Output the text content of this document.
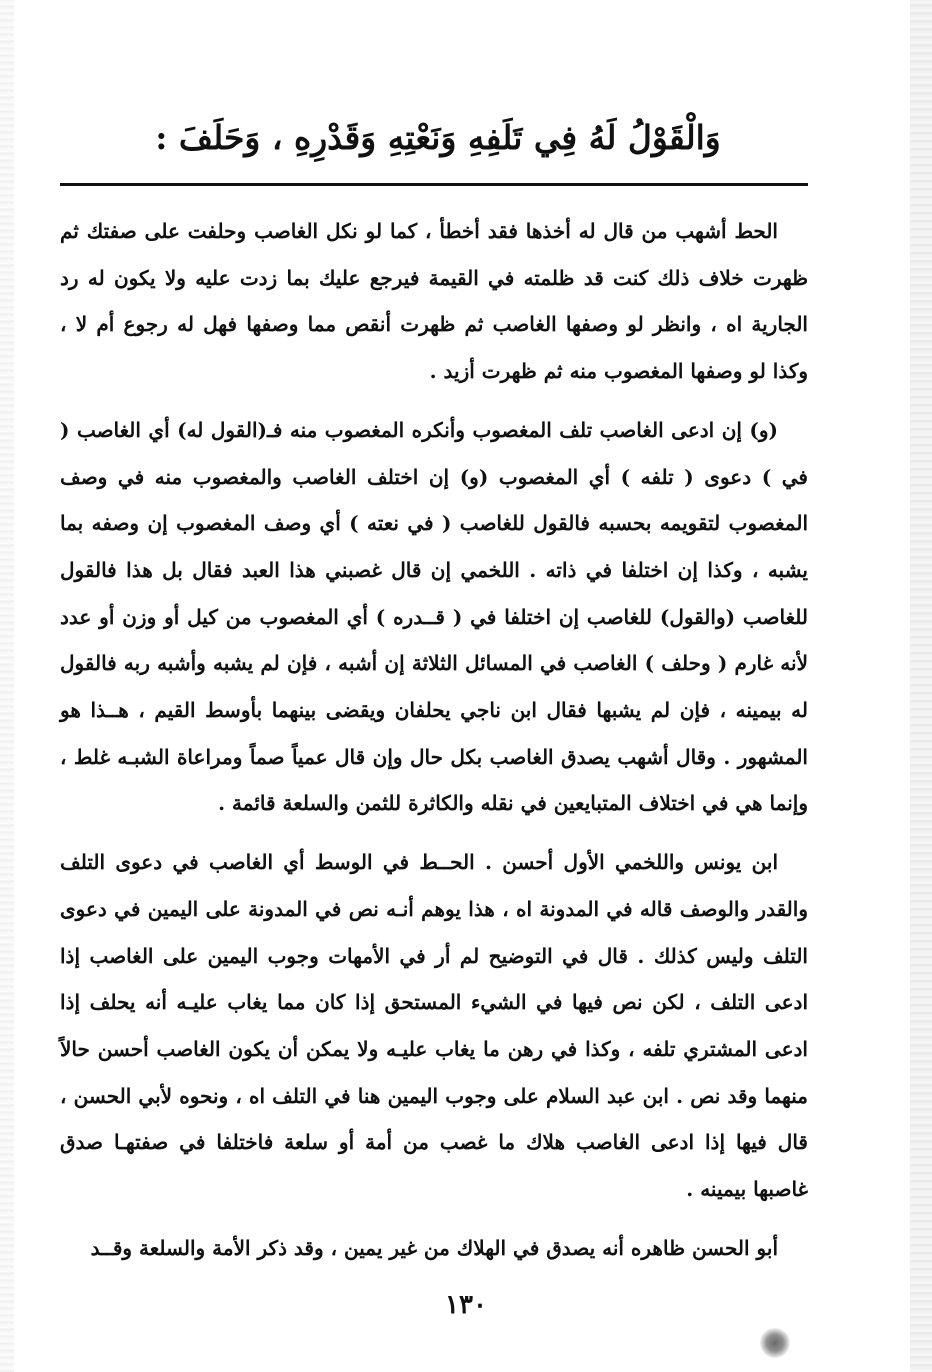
وَالْقَوْلُ لَهُ فِي تَلَفِهِ وَنَعْتِهِ وَقَدْرِهِ ، وَحَلَفَ :

الحط أشهب من قال له أخذها فقد أخطأ ، كما لو نكل الغاصب وحلفت على صفتك ثم ظهرت خلاف ذلك كنت قد ظلمته في القيمة فيرجع عليك بما زدت عليه ولا يكون له رد الجارية اه ، وانظر لو وصفها الغاصب ثم ظهرت أنقص مما وصفها فهل له رجوع أم لا ، وكذا لو وصفها المغصوب منه ثم ظهرت أزيد .

(و) إن ادعى الغاصب تلف المغصوب وأنكره المغصوب منه فـ(القول له) أي الغاصب ( في ) دعوى ( تلفه ) أي المغصوب (و) إن اختلف الغاصب والمغصوب منه في وصف المغصوب لتقويمه بحسبه فالقول للغاصب ( في نعته ) أي وصف المغصوب إن وصفه بما يشبه ، وكذا إن اختلفا في ذاته . اللخمي إن قال غصبني هذا العبد فقال بل هذا فالقول للغاصب (والقول) للغاصب إن اختلفا في ( قــدره ) أي المغصوب من كيل أو وزن أو عدد لأنه غارم ( وحلف ) الغاصب في المسائل الثلاثة إن أشبه ، فإن لم يشبه وأشبه ربه فالقول له بيمينه ، فإن لم يشبها فقال ابن ناجي يحلفان ويقضى بينهما بأوسط القيم ، هــذا هو المشهور . وقال أشهب يصدق الغاصب بكل حال وإن قال عمياً صماً ومراعاة الشبـه غلط ، وإنما هي في اختلاف المتبايعين في نقله والكاثرة للثمن والسلعة قائمة .

ابن يونس واللخمي الأول أحسن . الحــط في الوسط أي الغاصب في دعوى التلف والقدر والوصف قاله في المدونة اه ، هذا يوهم أنـه نص في المدونة على اليمين في دعوى التلف وليس كذلك . قال في التوضيح لم أر في الأمهات وجوب اليمين على الغاصب إذا ادعى التلف ، لكن نص فيها في الشيء المستحق إذا كان مما يغاب عليـه أنه يحلف إذا ادعى المشتري تلفه ، وكذا في رهن ما يغاب عليـه ولا يمكن أن يكون الغاصب أحسن حالاً منهما وقد نص . ابن عبد السلام على وجوب اليمين هنا في التلف اه ، ونحوه لأبي الحسن ، قال فيها إذا ادعى الغاصب هلاك ما غصب من أمة أو سلعة فاختلفا في صفتهـا صدق غاصبها بيمينه .

أبو الحسن ظاهره أنه يصدق في الهلاك من غير يمين ، وقد ذكر الأمة والسلعة وقــد

١٣٠
